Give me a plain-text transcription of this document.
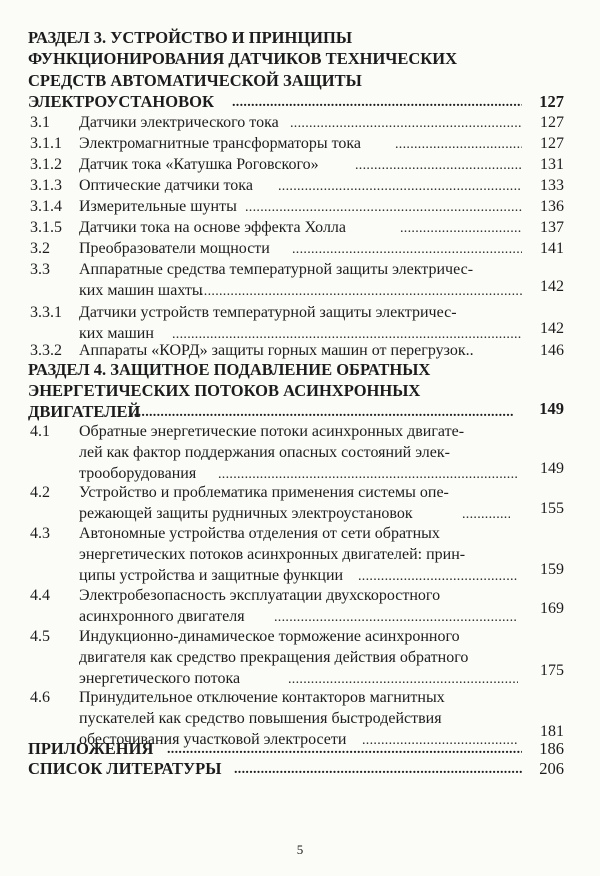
РАЗДЕЛ 3. УСТРОЙСТВО И ПРИНЦИПЫ
ФУНКЦИОНИРОВАНИЯ ДАТЧИКОВ ТЕХНИЧЕСКИХ
СРЕДСТВ АВТОМАТИЧЕСКОЙ ЗАЩИТЫ
ЭЛЕКТРОУСТАНОВОК . . .	127
3.1 Датчики электрического тока . . .	127
3.1.1 Электромагнитные трансформаторы тока . . .	127
3.1.2 Датчик тока «Катушка Роговского» . . .	131
3.1.3 Оптические датчики тока . . .	133
3.1.4 Измерительные шунты . . .	136
3.1.5 Датчики тока на основе эффекта Холла . . .	137
3.2 Преобразователи мощности . . .	141
3.3 Аппаратные средства температурной защиты электричес-
ких машин шахты . . .	142
3.3.1 Датчики устройств температурной защиты электричес-
ких машин . . .	142
3.3.2 Аппараты «КОРД» защиты горных машин от перегрузок..	146
РАЗДЕЛ 4. ЗАЩИТНОЕ ПОДАВЛЕНИЕ ОБРАТНЫХ
ЭНЕРГЕТИЧЕСКИХ ПОТОКОВ АСИНХРОННЫХ
ДВИГАТЕЛЕЙ . . .	149
4.1 Обратные энергетические потоки асинхронных двигате-
лей как фактор поддержания опасных состояний элек-
трооборудования . . .	149
4.2 Устройство и проблематика применения системы опе-
режающей защиты рудничных электроустановок . . .	155
4.3 Автономные устройства отделения от сети обратных
энергетических потоков асинхронных двигателей: прин-
ципы устройства и защитные функции . . .	159
4.4 Электробезопасность эксплуатации двухскоростного
асинхронного двигателя . . .	169
4.5 Индукционно-динамическое торможение асинхронного
двигателя как средство прекращения действия обратного
энергетического потока . . .	175
4.6 Принудительное отключение контакторов магнитных
пускателей как средство повышения быстродействия
обесточивания участковой электросети . . .	181
ПРИЛОЖЕНИЯ . . .	186
СПИСОК ЛИТЕРАТУРЫ . . .	206
5
